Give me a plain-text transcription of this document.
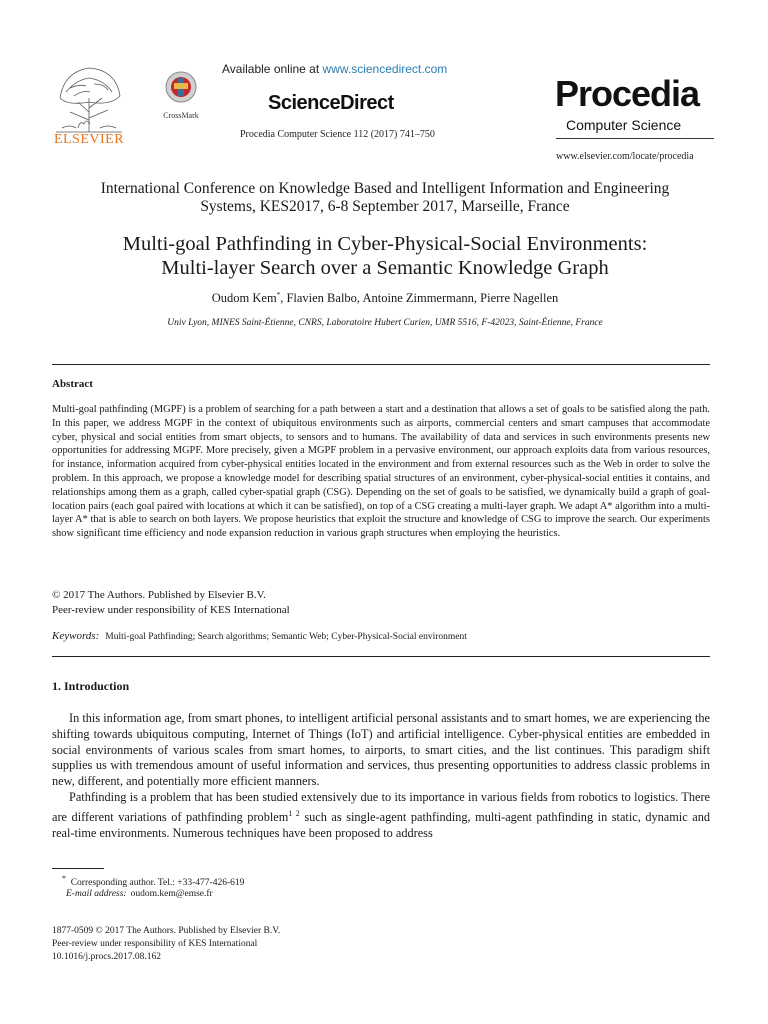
ELSEVIER
CrossMark
Available online at www.sciencedirect.com
ScienceDirect
Procedia Computer Science 112 (2017) 741–750
Procedia
Computer Science
www.elsevier.com/locate/procedia
International Conference on Knowledge Based and Intelligent Information and Engineering
Systems, KES2017, 6-8 September 2017, Marseille, France
Multi-goal Pathfinding in Cyber-Physical-Social Environments:
Multi-layer Search over a Semantic Knowledge Graph
Oudom Kem*, Flavien Balbo, Antoine Zimmermann, Pierre Nagellen
Univ Lyon, MINES Saint-Étienne, CNRS, Laboratoire Hubert Curien, UMR 5516, F-42023, Saint-Étienne, France
Abstract
Multi-goal pathfinding (MGPF) is a problem of searching for a path between a start and a destination that allows a set of goals to be satisfied along the path. In this paper, we address MGPF in the context of ubiquitous environments such as airports, commercial centers and smart campuses that accommodate cyber, physical and social entities from smart objects, to sensors and to humans. The availability of data and services in such environments presents new opportunities for addressing MGPF. More precisely, given a MGPF problem in a pervasive environment, our approach exploits data from various resources, for instance, information acquired from cyber-physical entities located in the environment and from external resources such as the Web in order to solve the problem. In this approach, we propose a knowledge model for describing spatial structures of an environment, cyber-physical-social entities it contains, and relationships among them as a graph, called cyber-spatial graph (CSG). Depending on the set of goals to be satisfied, we dynamically build a graph of goal-location pairs (each goal paired with locations at which it can be satisfied), on top of a CSG creating a multi-layer graph. We adapt A* algorithm into a multi-layer A* that is able to search on both layers. We propose heuristics that exploit the structure and knowledge of CSG to improve the search. Our experiments show significant time efficiency and node expansion reduction in various graph structures when employing the heuristics.
© 2017 The Authors. Published by Elsevier B.V.
Peer-review under responsibility of KES International
Keywords: Multi-goal Pathfinding; Search algorithms; Semantic Web; Cyber-Physical-Social environment
1. Introduction

In this information age, from smart phones, to intelligent artificial personal assistants and to smart homes, we are experiencing the shifting towards ubiquitous computing, Internet of Things (IoT) and artificial intelligence. Cyber-physical entities are embedded in social environments of various scales from smart homes, to airports, to smart cities, and the list continues. This paradigm shift supplies us with tremendous amount of useful information and services, thus presenting opportunities to address classic problems in new, different, and potentially more efficient manners.

Pathfinding is a problem that has been studied extensively due to its importance in various fields from robotics to logistics. There are different variations of pathfinding problem$^{1 2}$ such as single-agent pathfinding, multi-agent pathfinding in static, dynamic and real-time environments. Numerous techniques have been proposed to address

* Corresponding author. Tel.: +33-477-426-619
E-mail address: oudom.kem@emse.fr
1877-0509 © 2017 The Authors. Published by Elsevier B.V.
Peer-review under responsibility of KES International
10.1016/j.procs.2017.08.162
